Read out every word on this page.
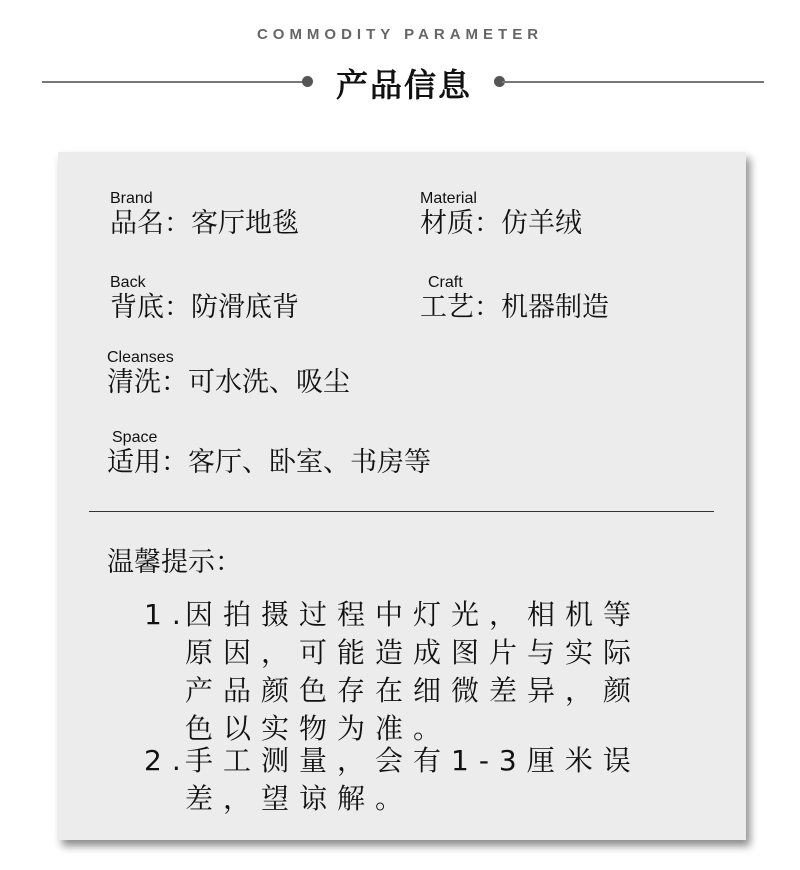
COMMODITY PARAMETER
产品信息
Brand
品名：客厅地毯
Material
材质：仿羊绒
Back
背底：防滑底背
Craft
工艺：机器制造
Cleanses
清洗：可水洗、吸尘
Space
适用：客厅、卧室、书房等
温馨提示：
1.
因拍摄过程中灯光，相机等原因，可能造成图片与实际产品颜色存在细微差异，颜色以实物为准。
2.
手工测量，会有1-3厘米误差，望谅解。
